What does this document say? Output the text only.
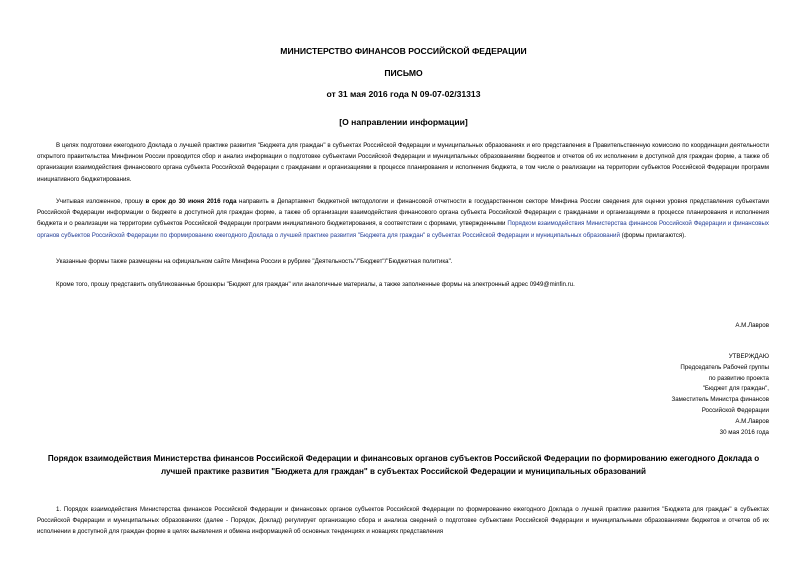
МИНИСТЕРСТВО ФИНАНСОВ РОССИЙСКОЙ ФЕДЕРАЦИИ
ПИСЬМО
от 31 мая 2016 года N 09-07-02/31313
[О направлении информации]
В целях подготовки ежегодного Доклада о лучшей практике развития "Бюджета для граждан" в субъектах Российской Федерации и муниципальных образованиях и его представления в Правительственную комиссию по координации деятельности открытого правительства Минфином России проводится сбор и анализ информации о подготовке субъектами Российской Федерации и муниципальных образованиями бюджетов и отчетов об их исполнении в доступной для граждан форме, а также об организации взаимодействия финансового органа субъекта Российской Федерации с гражданами и организациями в процессе планирования и исполнения бюджета, в том числе о реализации на территории субъектов Российской Федерации программ инициативного бюджетирования.
Учитывая изложенное, прошу в срок до 30 июня 2016 года направить в Департамент бюджетной методологии и финансовой отчетности в государственном секторе Минфина России сведения для оценки уровня представления субъектами Российской Федерации информации о бюджете в доступной для граждан форме, а также об организации взаимодействия финансового органа субъекта Российской Федерации с гражданами и организациями в процессе планирования и исполнения бюджета и о реализации на территории субъектов Российской Федерации программ инициативного бюджетирования, в соответствии с формами, утвержденными Порядком взаимодействия Министерства финансов Российской Федерации и финансовых органов субъектов Российской Федерации по формированию ежегодного Доклада о лучшей практике развития "Бюджета для граждан" в субъектах Российской Федерации и муниципальных образований (формы прилагаются).
Указанные формы также размещены на официальном сайте Минфина России в рубрике "Деятельность"/"Бюджет"/"Бюджетная политика".
Кроме того, прошу представить опубликованные брошюры "Бюджет для граждан" или аналогичные материалы, а также заполненные формы на электронный адрес 0949@minfin.ru.
А.М.Лавров
УТВЕРЖДАЮ
Председатель Рабочей группы
по развитию проекта
"Бюджет для граждан",
Заместитель Министра финансов
Российской Федерации
А.М.Лавров
30 мая 2016 года
Порядок взаимодействия Министерства финансов Российской Федерации и финансовых органов субъектов Российской Федерации по формированию ежегодного Доклада о лучшей практике развития "Бюджета для граждан" в субъектах Российской Федерации и муниципальных образований
1. Порядок взаимодействия Министерства финансов Российской Федерации и финансовых органов субъектов Российской Федерации по формированию ежегодного Доклада о лучшей практике развития "Бюджета для граждан" в субъектах Российской Федерации и муниципальных образованиях (далее - Порядок, Доклад) регулирует организацию сбора и анализа сведений о подготовке субъектами Российской Федерации и муниципальными образованиями бюджетов и отчетов об их исполнении в доступной для граждан форме в целях выявления и обмена информацией об основных тенденциях и новациях представления
